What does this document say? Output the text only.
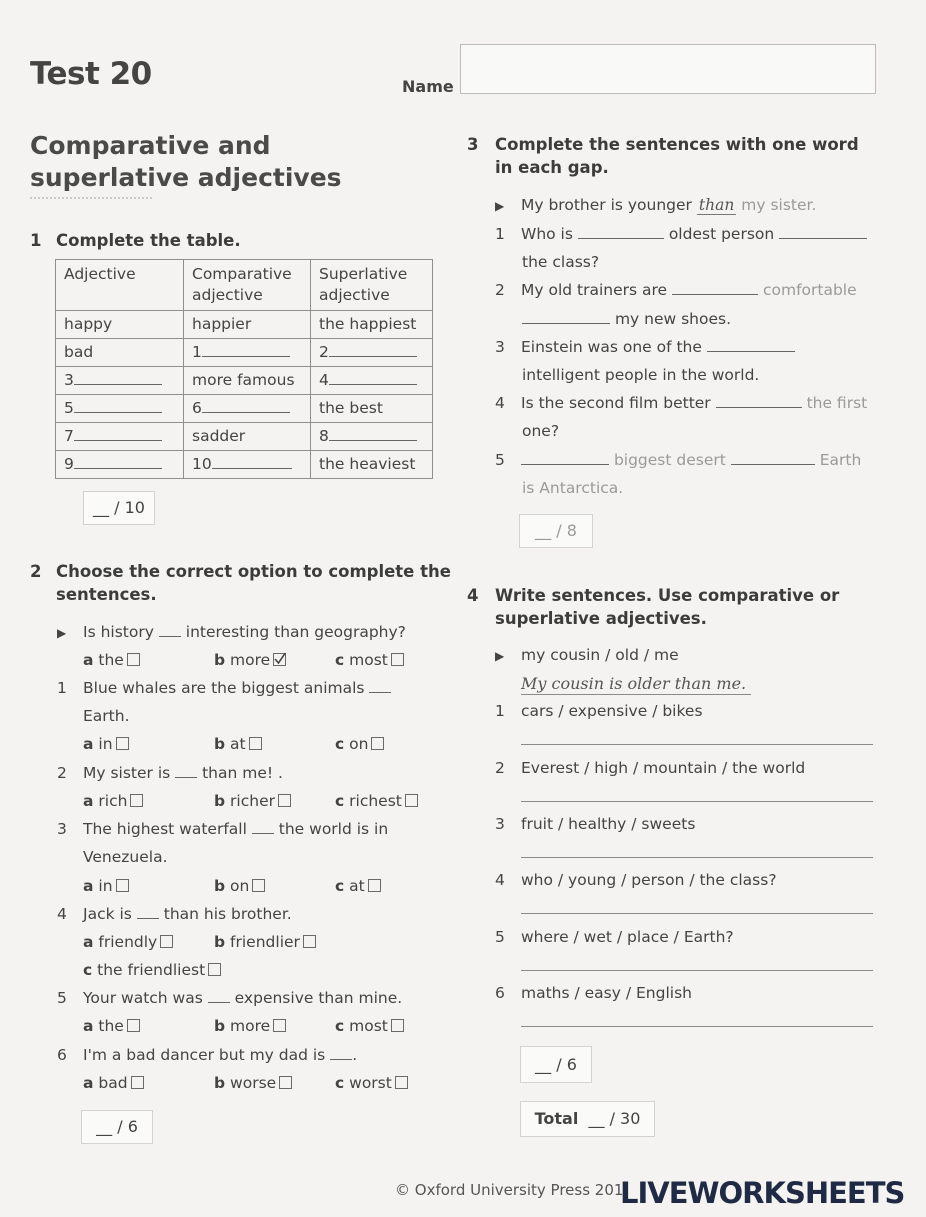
Test 20	Name
Comparative and superlative adjectives
1 Complete the table.
Adjective	Comparative adjective	Superlative adjective
happy	happier	the happiest
bad	1	2
3	more famous	4
5	6	the best
7	sadder	8
9	10	the heaviest
__ / 10
2 Choose the correct option to complete the sentences.
▶ Is history interesting than geography?
a the	b more	c most
1 Blue whales are the biggest animals
Earth.
a in	b at	c on
2 My sister is than me! .
a rich	b richer	c richest
3 The highest waterfall the world is in
Venezuela.
a in	b on	c at
4 Jack is than his brother.
a friendly	b friendlier
c the friendliest
5 Your watch was expensive than mine.
a the	b more	c most
6 I'm a bad dancer but my dad is .
a bad	b worse	c worst
__ / 6
3	Complete the sentences with one word in each gap.
▶ My brother is younger than my sister.
1 Who is	oldest person
the class?
2 My old trainers are	comfortable
my new shoes.
3 Einstein was one of the
intelligent people in the world.
4 Is the second film better	the first
one?
5	biggest desert	Earth
is Antarctica.
__ / 8
4	Write sentences. Use comparative or superlative adjectives.
▶ my cousin / old / me
My cousin is older than me.
1 cars / expensive / bikes
2 Everest / high / mountain / the world
3 fruit / healthy / sweets
4 who / young / person / the class?
5 where / wet / place / Earth?
6 maths / easy / English
__ / 6
Total __ / 30
© Oxford University Press 201
LIVEWORKSHEETS
